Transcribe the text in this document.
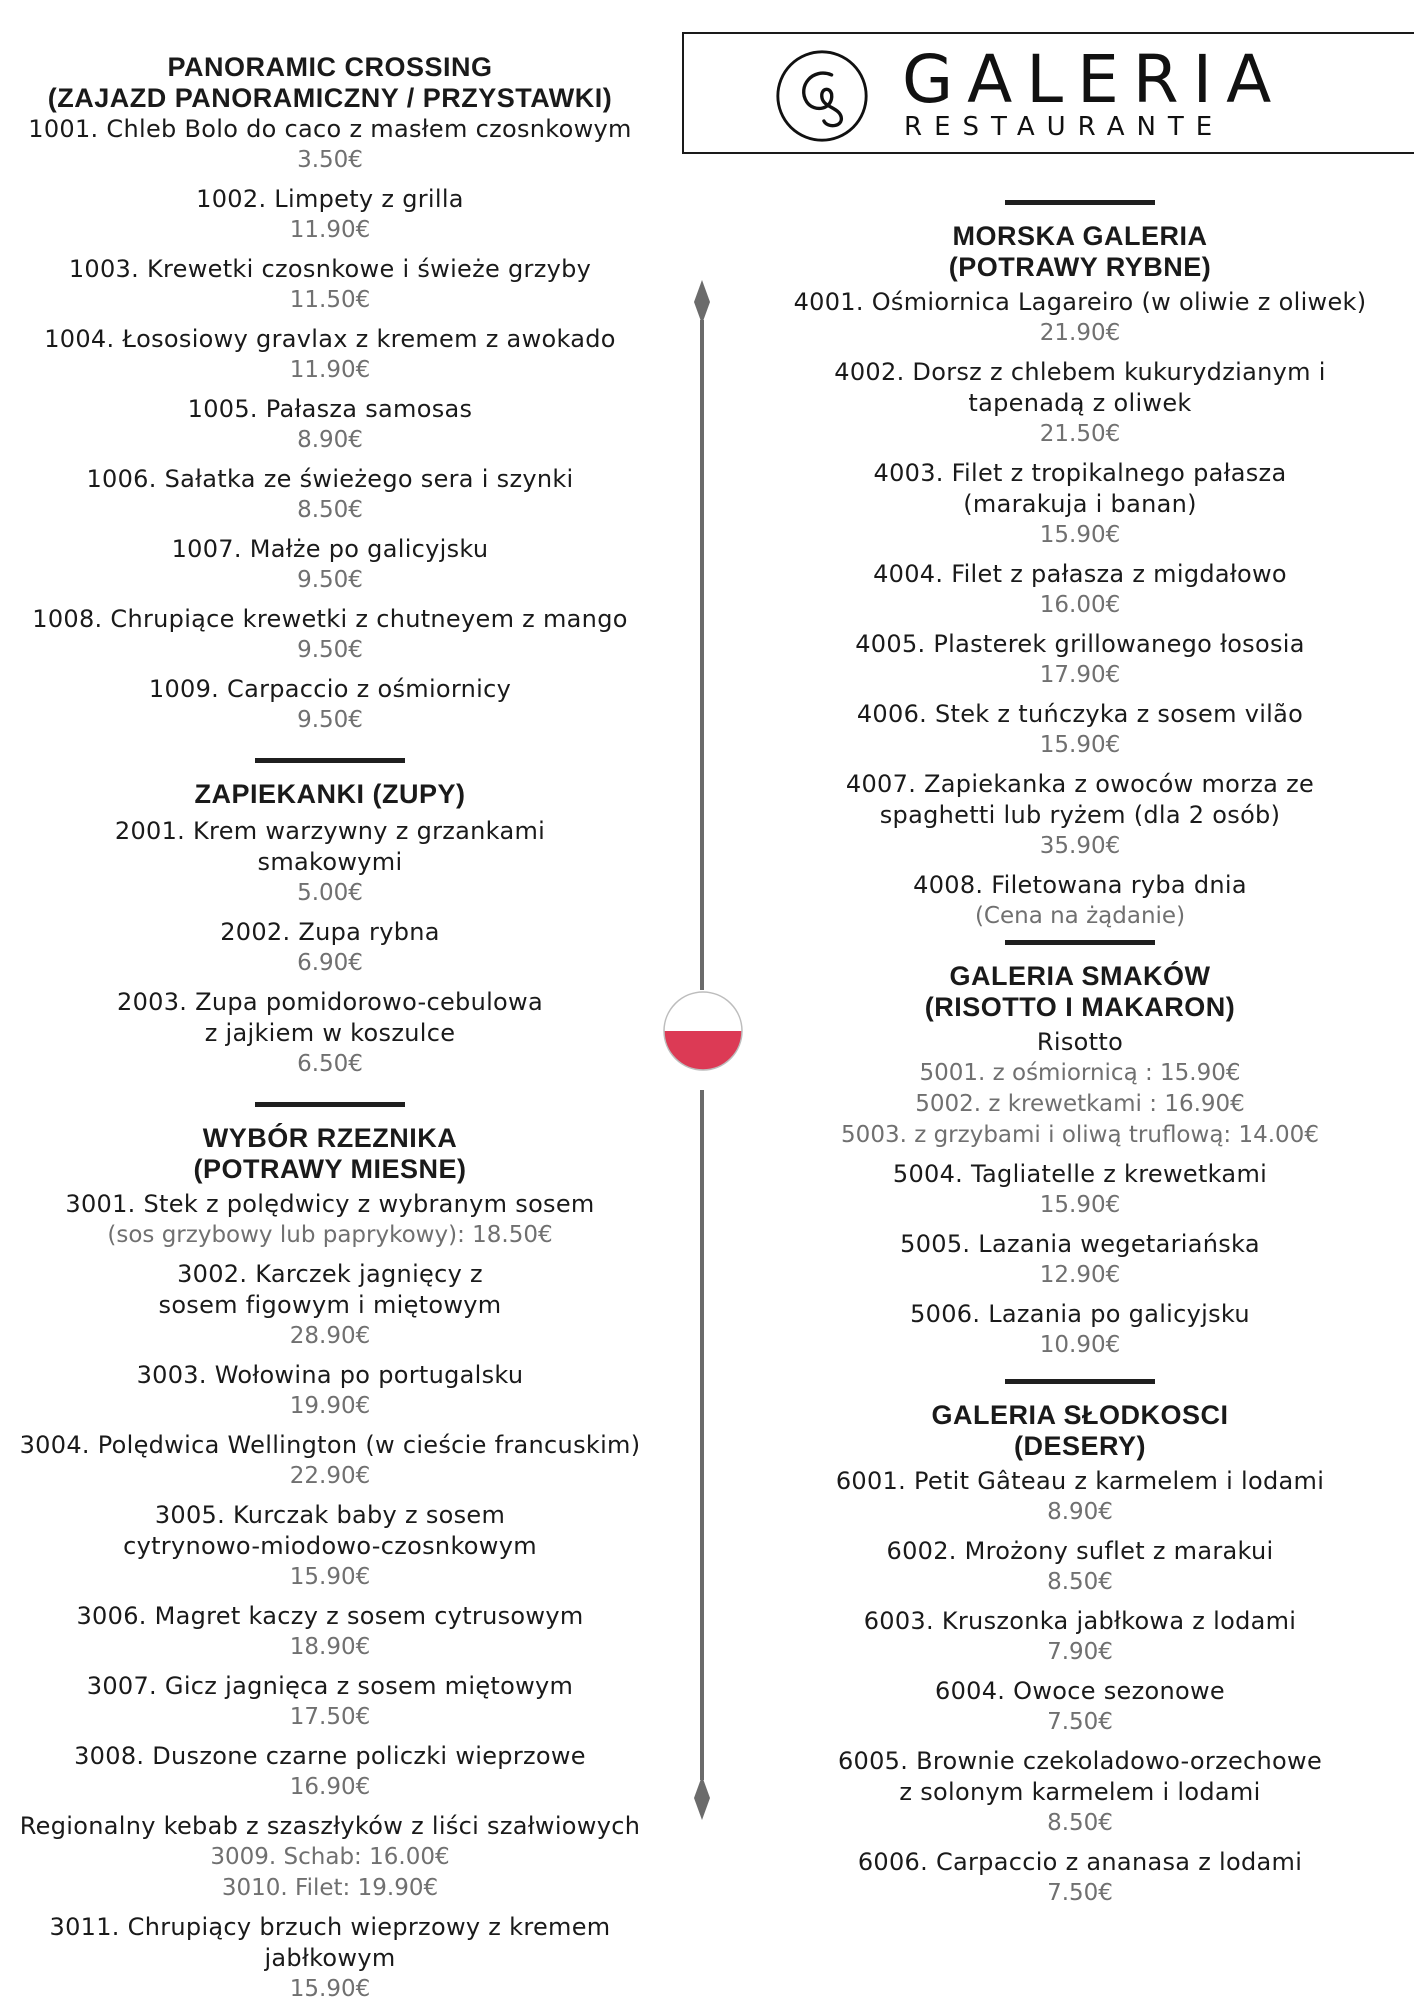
GALERIA
RESTAURANTE
PANORAMIC CROSSING
(ZAJAZD PANORAMICZNY / PRZYSTAWKI)
1001. Chleb Bolo do caco z masłem czosnkowym
3.50€
1002. Limpety z grilla
11.90€
1003. Krewetki czosnkowe i świeże grzyby
11.50€
1004. Łososiowy gravlax z kremem z awokado
11.90€
1005. Pałasza samosas
8.90€
1006. Sałatka ze świeżego sera i szynki
8.50€
1007. Małże po galicyjsku
9.50€
1008. Chrupiące krewetki z chutneyem z mango
9.50€
1009. Carpaccio z ośmiornicy
9.50€
ZAPIEKANKI (ZUPY)
2001. Krem warzywny z grzankami
smakowymi
5.00€
2002. Zupa rybna
6.90€
2003. Zupa pomidorowo-cebulowa
z jajkiem w koszulce
6.50€
WYBÓR RZEZNIKA
(POTRAWY MIESNE)
3001. Stek z polędwicy z wybranym sosem
(sos grzybowy lub paprykowy): 18.50€
3002. Karczek jagnięcy z
sosem figowym i miętowym
28.90€
3003. Wołowina po portugalsku
19.90€
3004. Polędwica Wellington (w cieście francuskim)
22.90€
3005. Kurczak baby z sosem
cytrynowo-miodowo-czosnkowym
15.90€
3006. Magret kaczy z sosem cytrusowym
18.90€
3007. Gicz jagnięca z sosem miętowym
17.50€
3008. Duszone czarne policzki wieprzowe
16.90€
Regionalny kebab z szaszłyków z liści szałwiowych
3009. Schab: 16.00€
3010. Filet: 19.90€
3011. Chrupiący brzuch wieprzowy z kremem jabłkowym
15.90€
MORSKA GALERIA
(POTRAWY RYBNE)
4001. Ośmiornica Lagareiro (w oliwie z oliwek)
21.90€
4002. Dorsz z chlebem kukurydzianym i
tapenadą z oliwek
21.50€
4003. Filet z tropikalnego pałasza
(marakuja i banan)
15.90€
4004. Filet z pałasza z migdałowo
16.00€
4005. Plasterek grillowanego łososia
17.90€
4006. Stek z tuńczyka z sosem vilão
15.90€
4007. Zapiekanka z owoców morza ze
spaghetti lub ryżem (dla 2 osób)
35.90€
4008. Filetowana ryba dnia
(Cena na żądanie)
GALERIA SMAKÓW
(RISOTTO I MAKARON)
Risotto
5001. z ośmiornicą : 15.90€
5002. z krewetkami : 16.90€
5003. z grzybami i oliwą truflową: 14.00€
5004. Tagliatelle z krewetkami
15.90€
5005. Lazania wegetariańska
12.90€
5006. Lazania po galicyjsku
10.90€
GALERIA SŁODKOSCI
(DESERY)
6001. Petit Gâteau z karmelem i lodami
8.90€
6002. Mrożony suflet z marakui
8.50€
6003. Kruszonka jabłkowa z lodami
7.90€
6004. Owoce sezonowe
7.50€
6005. Brownie czekoladowo-orzechowe
z solonym karmelem i lodami
8.50€
6006. Carpaccio z ananasa z lodami
7.50€
